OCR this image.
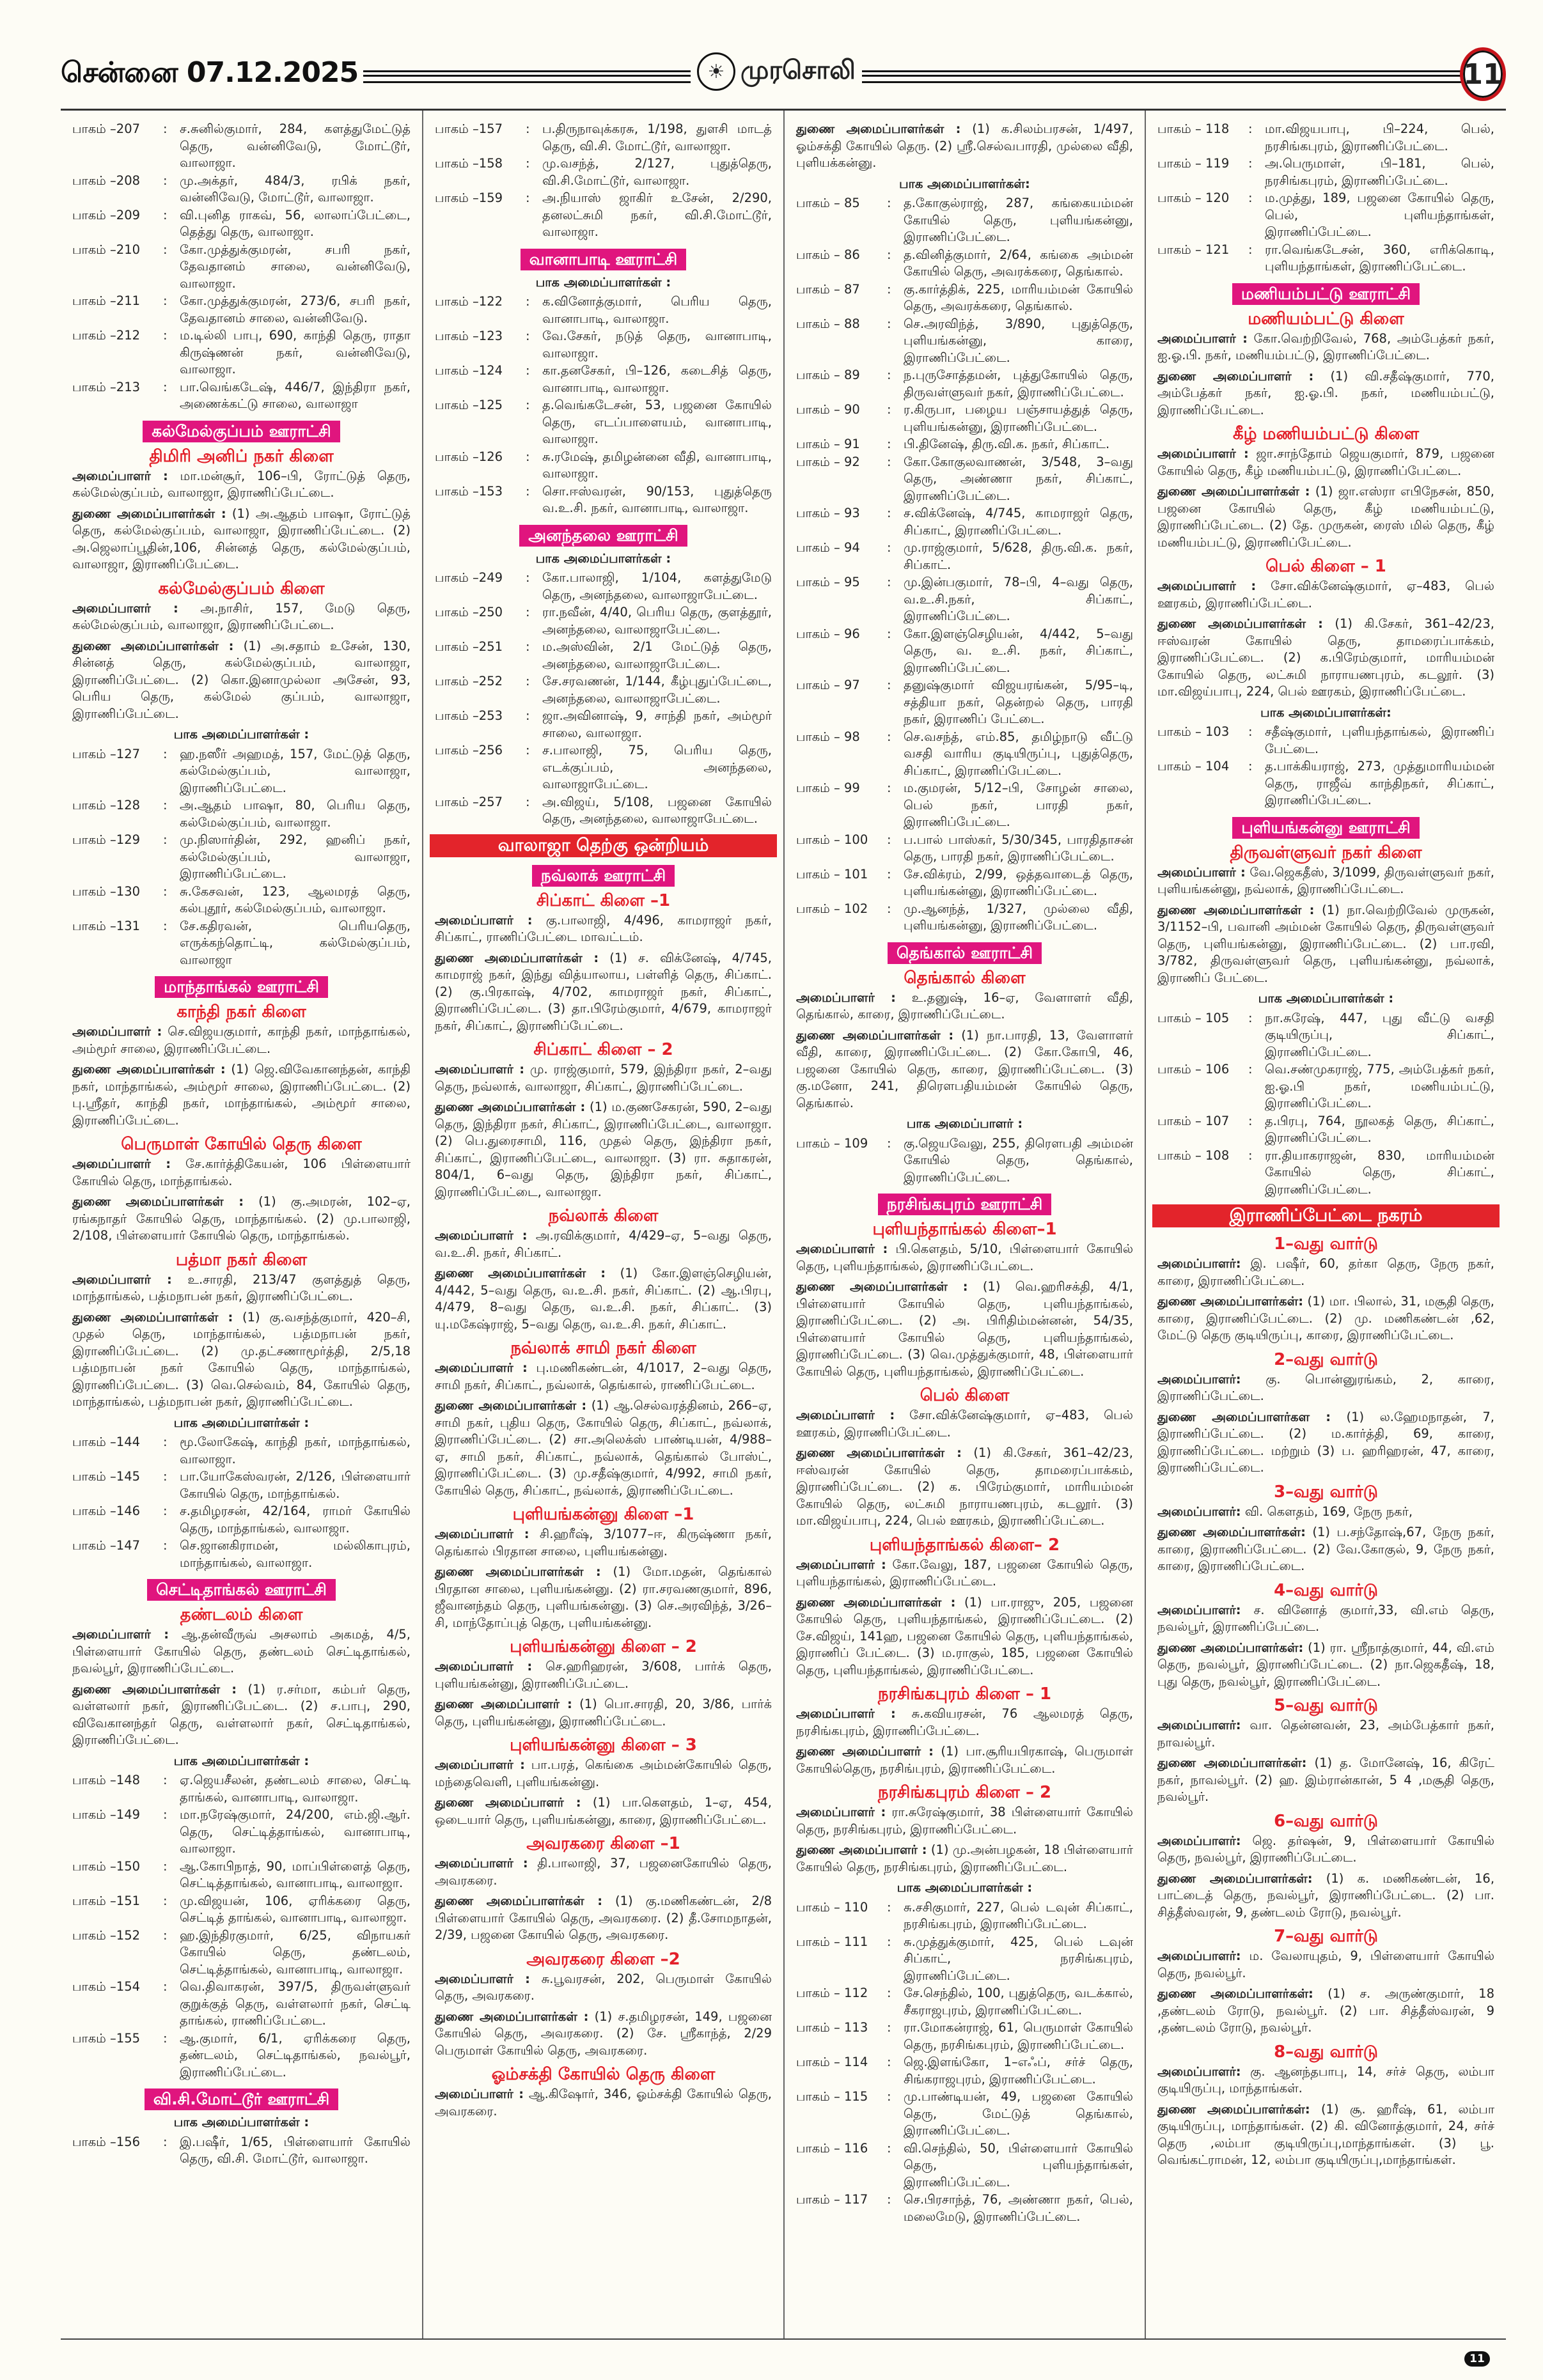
சென்னை 07.12.2025	☀ முரசொலி	11
பாகம் –207	: ச.சுனில்குமார், 284, களத்துமேட்டுத் தெரு, வன்னிவேடு, மோட்டூர், வாலாஜா.
பாகம் –208	: மு.அக்தர், 484/3, ரபிக் நகர், வன்னிவேடு, மோட்டூர், வாலாஜா.
பாகம் –209	: வி.புனித ராகவ், 56, லாலாப்பேட்டை, தெத்து தெரு, வாலாஜா.
பாகம் –210	: கோ.முத்துக்குமரன், சபரி நகர், தேவதானம் சாலை, வன்னிவேடு, வாலாஜா.
பாகம் –211	: கோ.முத்துக்குமரன், 273/6, சபரி நகர், தேவதானம் சாலை, வன்னிவேடு.
பாகம் –212	: ம.டில்லி பாபு, 690, காந்தி தெரு, ராதா கிருஷ்ணன் நகர், வன்னிவேடு, வாலாஜா.
பாகம் –213	: பா.வெங்கடேஷ், 446/7, இந்திரா நகர், அணைக்கட்டு சாலை, வாலாஜா
கல்மேல்குப்பம் ஊராட்சி
திமிரி அனிப் நகர் கிளை
அமைப்பாளர் : மா.மன்சூர், 106–பி, ரோட்டுத் தெரு, கல்மேல்குப்பம், வாலாஜா, இராணிப்பேட்டை.
துணை அமைப்பாளர்கள் : (1) அ.ஆதம் பாஷா, ரோட்டுத் தெரு, கல்மேல்குப்பம், வாலாஜா, இராணிப்பேட்டை. (2) அ.ஜெலாப்பூதின்,106, சின்னத் தெரு, கல்மேல்குப்பம், வாலாஜா, இராணிப்பேட்டை.
கல்மேல்குப்பம் கிளை
அமைப்பாளர் : அ.நாசிர், 157, மேடு தெரு, கல்மேல்குப்பம், வாலாஜா, இராணிப்பேட்டை.
துணை அமைப்பாளர்கள் : (1) அ.சதாம் உசேன், 130, சின்னத் தெரு, கல்மேல்குப்பம், வாலாஜா, இராணிப்பேட்டை. (2) கொ.இனாமுல்லா அசேன், 93, பெரிய தெரு, கல்மேல் குப்பம், வாலாஜா, இராணிப்பேட்டை.
பாக அமைப்பாளர்கள் :
பாகம் –127	: ஹ.நஸீர் அஹமத், 157, மேட்டுத் தெரு, கல்மேல்குப்பம், வாலாஜா, இராணிப்பேட்டை.
பாகம் –128	: அ.ஆதம் பாஷா, 80, பெரிய தெரு, கல்மேல்குப்பம், வாலாஜா.
பாகம் –129	: மு.நிஸார்தின், 292, ஹனிப் நகர், கல்மேல்குப்பம், வாலாஜா, இராணிப்பேட்டை.
பாகம் –130	: சு.கேசவன், 123, ஆலமரத் தெரு, கல்புதூர், கல்மேல்குப்பம், வாலாஜா.
பாகம் –131	: சே.கதிரவன், பெரியதெரு, எருக்கந்தொட்டி, கல்மேல்குப்பம், வாலாஜா
மாந்தாங்கல் ஊராட்சி
காந்தி நகர் கிளை
அமைப்பாளர் : செ.விஜயகுமார், காந்தி நகர், மாந்தாங்கல், அம்மூர் சாலை, இராணிப்பேட்டை.
துணை அமைப்பாளர்கள் : (1) ஜெ.விவேகானந்தன், காந்தி நகர், மாந்தாங்கல், அம்மூர் சாலை, இராணிப்பேட்டை. (2) பு.ஸ்ரீதர், காந்தி நகர், மாந்தாங்கல், அம்மூர் சாலை, இராணிப்பேட்டை.
பெருமாள் கோயில் தெரு கிளை
அமைப்பாளர் : சே.கார்த்திகேயன், 106 பிள்ளையார் கோயில் தெரு, மாந்தாங்கல்.
துணை அமைப்பாளர்கள் : (1) கு.அமரன், 102–ஏ, ரங்கநாதர் கோயில் தெரு, மாந்தாங்கல். (2) மு.பாலாஜி, 2/108, பிள்ளையார் கோயில் தெரு, மாந்தாங்கல்.
பத்மா நகர் கிளை
அமைப்பாளர் : உ.சாரதி, 213/47 குளத்துத் தெரு, மாந்தாங்கல், பத்மநாபன் நகர், இராணிப்பேட்டை.
துணை அமைப்பாளர்கள் : (1) கு.வசந்த்குமார், 420–சி, முதல் தெரு, மாந்தாங்கல், பத்மநாபன் நகர், இராணிப்பேட்டை. (2) மு.தட்சணாமூர்த்தி, 2/5,18 பத்மநாபன் நகர் கோயில் தெரு, மாந்தாங்கல், இராணிப்பேட்டை. (3) வெ.செல்வம், 84, கோயில் தெரு, மாந்தாங்கல், பத்மநாபன் நகர், இராணிப்பேட்டை.
பாக அமைப்பாளர்கள் :
பாகம் –144	: மூ.லோகேஷ், காந்தி நகர், மாந்தாங்கல், வாலாஜா.
பாகம் –145	: பா.யோகேஸ்வரன், 2/126, பிள்ளையார் கோயில் தெரு, மாந்தாங்கல்.
பாகம் –146	: ச.தமிழரசன், 42/164, ராமர் கோயில் தெரு, மாந்தாங்கல், வாலாஜா.
பாகம் –147	: செ.ஜானகிராமன், மல்லிகாபுரம், மாந்தாங்கல், வாலாஜா.
செட்டிதாங்கல் ஊராட்சி
தண்டலம் கிளை
அமைப்பாளர் : ஆ.தன்வீருவ் அசலாம் அகமத், 4/5, பிள்ளையார் கோயில் தெரு, தண்டலம் செட்டிதாங்கல், நவல்பூர், இராணிப்பேட்டை.
துணை அமைப்பாளர்கள் : (1) ர.சர்மா, கம்பர் தெரு, வள்ளலார் நகர், இராணிப்பேட்டை. (2) ச.பாபு, 290, விவேகானந்தர் தெரு, வள்ளலார் நகர், செட்டிதாங்கல், இராணிப்பேட்டை.
பாக அமைப்பாளர்கள் :
பாகம் –148	: ஏ.ஜெயசீலன், தண்டலம் சாலை, செட்டி தாங்கல், வானாபாடி, வாலாஜா.
பாகம் –149	: மா.நரேஷ்குமார், 24/200, எம்.ஜி.ஆர். தெரு, செட்டித்தாங்கல், வானாபாடி, வாலாஜா.
பாகம் –150	: ஆ.கோபிநாத், 90, மாப்பிள்ளைத் தெரு, செட்டித்தாங்கல், வானாபாடி, வாலாஜா.
பாகம் –151	: மு.விஜயன், 106, ஏரிக்கரை தெரு, செட்டித் தாங்கல், வானாபாடி, வாலாஜா.
பாகம் –152	: ஹ.இந்திரகுமார், 6/25, விநாயகர் கோயில் தெரு, தண்டலம், செட்டித்தாங்கல், வானாபாடி, வாலாஜா.
பாகம் –154	: வெ.திவாகரன், 397/5, திருவள்ளுவர் குறுக்குத் தெரு, வள்ளலார் நகர், செட்டி தாங்கல், ராணிப்பேட்டை.
பாகம் –155	: ஆ.குமார், 6/1, ஏரிக்கரை தெரு, தண்டலம், செட்டிதாங்கல், நவல்பூர், இராணிப்பேட்டை.
வி.சி.மோட்டூர் ஊராட்சி
பாக அமைப்பாளர்கள் :
பாகம் –156	: இ.பஷீர், 1/65, பிள்ளையார் கோயில் தெரு, வி.சி. மோட்டூர், வாலாஜா.
பாகம் –157	: ப.திருநாவுக்கரசு, 1/198, துளசி மாடத் தெரு, வி.சி. மோட்டூர், வாலாஜா.
பாகம் –158	: மு.வசந்த், 2/127, புதுத்தெரு, வி.சி.மோட்டூர், வாலாஜா.
பாகம் –159	: அ.நியாஸ் ஜாகிர் உசேன், 2/290, தனலட்சுமி நகர், வி.சி.மோட்டூர், வாலாஜா.
வானாபாடி ஊராட்சி
பாக அமைப்பாளர்கள் :
பாகம் –122	: க.வினோத்குமார், பெரிய தெரு, வானாபாடி, வாலாஜா.
பாகம் –123	: வே.சேகர், நடுத் தெரு, வானாபாடி, வாலாஜா.
பாகம் –124	: கா.தனசேகர், பி–126, கடைசித் தெரு, வானாபாடி, வாலாஜா.
பாகம் –125	: த.வெங்கடேசன், 53, பஜனை கோயில் தெரு, எடப்பாளையம், வானாபாடி, வாலாஜா.
பாகம் –126	: சு.ரமேஷ், தமிழன்னை வீதி, வானாபாடி, வாலாஜா.
பாகம் –153	: சொ.ஈஸ்வரன், 90/153, புதுத்தெரு வ.உ.சி. நகர், வானாபாடி, வாலாஜா.
அனந்தலை ஊராட்சி
பாக அமைப்பாளர்கள் :
பாகம் –249	: கோ.பாலாஜி, 1/104, களத்துமேடு தெரு, அனந்தலை, வாலாஜாபேட்டை.
பாகம் –250	: ரா.நவீன், 4/40, பெரிய தெரு, குளத்தூர், அனந்தலை, வாலாஜாபேட்டை.
பாகம் –251	: ம.அஸ்வின், 2/1 மேட்டுத் தெரு, அனந்தலை, வாலாஜாபேட்டை.
பாகம் –252	: சே.சரவணன், 1/144, கீழ்புதுப்பேட்டை, அனந்தலை, வாலாஜாபேட்டை.
பாகம் –253	: ஜா.அவினாஷ், 9, சாந்தி நகர், அம்மூர் சாலை, வாலாஜா.
பாகம் –256	: ச.பாலாஜி, 75, பெரிய தெரு, எடக்குப்பம், அனந்தலை, வாலாஜாபேட்டை.
பாகம் –257	: அ.விஜய், 5/108, பஜனை கோயில் தெரு, அனந்தலை, வாலாஜாபேட்டை.
வாலாஜா தெற்கு ஒன்றியம்
நவ்லாக் ஊராட்சி
சிப்காட் கிளை –1
அமைப்பாளர் : கு.பாலாஜி, 4/496, காமராஜர் நகர், சிப்காட், ராணிப்பேட்டை மாவட்டம்.
துணை அமைப்பாளர்கள் : (1) ச. விக்னேஷ், 4/745, காமராஜ் நகர், இந்து வித்யாலாய, பள்ளித் தெரு, சிப்காட். (2) கு.பிரகாஷ், 4/702, காமராஜர் நகர், சிப்காட், இராணிப்பேட்டை. (3) தா.பிரேம்குமார், 4/679, காமராஜர் நகர், சிப்காட், இராணிப்பேட்டை.
சிப்காட் கிளை – 2
அமைப்பாளர் : மு. ராஜ்குமார், 579, இந்திரா நகர், 2–வது தெரு, நவ்லாக், வாலாஜா, சிப்காட், இராணிப்பேட்டை.
துணை அமைப்பாளர்கள் : (1) ம.குணசேகரன், 590, 2–வது தெரு, இந்திரா நகர், சிப்காட், இராணிப்பேட்டை, வாலாஜா. (2) பெ.துரைசாமி, 116, முதல் தெரு, இந்திரா நகர், சிப்காட், இராணிப்பேட்டை, வாலாஜா. (3) ரா. சுதாகரன், 804/1, 6–வது தெரு, இந்திரா நகர், சிப்காட், இராணிப்பேட்டை, வாலாஜா.
நவ்லாக் கிளை
அமைப்பாளர் : அ.ரவிக்குமார், 4/429–ஏ, 5–வது தெரு, வ.உ.சி. நகர், சிப்காட்.
துணை அமைப்பாளர்கள் : (1) கோ.இளஞ்செழியன், 4/442, 5–வது தெரு, வ.உ.சி. நகர், சிப்காட். (2) ஆ.பிரபு, 4/479, 8–வது தெரு, வ.உ.சி. நகர், சிப்காட். (3) யு.மகேஷ்ராஜ், 5–வது தெரு, வ.உ.சி. நகர், சிப்காட்.
நவ்லாக் சாமி நகர் கிளை
அமைப்பாளர் : பு.மணிகண்டன், 4/1017, 2–வது தெரு, சாமி நகர், சிப்காட், நவ்லாக், தெங்கால், ராணிப்பேட்டை.
துணை அமைப்பாளர்கள் : (1) ஆ.செல்வரத்தினம், 266–ஏ, சாமி நகர், புதிய தெரு, கோயில் தெரு, சிப்காட், நவ்லாக், இராணிப்பேட்டை. (2) சா.அலெக்ஸ் பாண்டியன், 4/988–ஏ, சாமி நகர், சிப்காட், நவ்லாக், தெங்கால் போஸ்ட், இராணிப்பேட்டை. (3) மு.சதீஷ்குமார், 4/992, சாமி நகர், கோயில் தெரு, சிப்காட், நவ்லாக், இராணிப்பேட்டை.
புளியங்கன்னு கிளை –1
அமைப்பாளர் : சி.ஹரீஷ், 3/1077–ஈ, கிருஷ்ணா நகர், தெங்கால் பிரதான சாலை, புளியங்கன்னு.
துணை அமைப்பாளர்கள் : (1) மோ.மதன், தெங்கால் பிரதான சாலை, புளியங்கன்னு. (2) ரா.சரவணகுமார், 896, ஜீவானந்தம் தெரு, புளியங்கன்னு. (3) செ.அரவிந்த், 3/26–சி, மாந்தோப்புத் தெரு, புளியங்கன்னு.
புளியங்கன்னு கிளை – 2
அமைப்பாளர் : செ.ஹரிஹரன், 3/608, பார்க் தெரு, புளியங்கன்னு, இராணிப்பேட்டை.
துணை அமைப்பாளர் : (1) பொ.சாரதி, 20, 3/86, பார்க் தெரு, புளியங்கன்னு, இராணிப்பேட்டை.
புளியங்கன்னு கிளை – 3
அமைப்பாளர் : பா.பரத், கெங்கை அம்மன்கோயில் தெரு, மந்தைவெளி, புளியங்கன்னு.
துணை அமைப்பாளர் : (1) பா.கௌதம், 1–ஏ, 454, ஒடையார் தெரு, புளியங்கன்னு, காரை, இராணிப்பேட்டை.
அவரகரை கிளை –1
அமைப்பாளர் : தி.பாலாஜி, 37, பஜனைகோயில் தெரு, அவரகரை.
துணை அமைப்பாளர்கள் : (1) கு.மணிகண்டன், 2/8 பிள்ளையார் கோயில் தெரு, அவரகரை. (2) தீ.சோமநாதன், 2/39, பஜனை கோயில் தெரு, அவரகரை.
அவரகரை கிளை –2
அமைப்பாளர் : சு.பூவரசன், 202, பெருமாள் கோயில் தெரு, அவரகரை.
துணை அமைப்பாளர்கள் : (1) ச.தமிழரசன், 149, பஜனை கோயில் தெரு, அவரகரை. (2) சே. ஸ்ரீகாந்த், 2/29 பெருமாள் கோயில் தெரு, அவரகரை.
ஓம்சக்தி கோயில் தெரு கிளை
அமைப்பாளர் : ஆ.கிஷோர், 346, ஓம்சக்தி கோயில் தெரு, அவரகரை.
துணை அமைப்பாளர்கள் : (1) க.சிலம்பரசன், 1/497, ஓம்சக்தி கோயில் தெரு. (2) ஸ்ரீ.செல்வபாரதி, முல்லை வீதி, புளியக்கன்னு.
பாக அமைப்பாளர்கள்:
பாகம் – 85	: த.கோகுல்ராஜ், 287, கங்கையம்மன் கோயில் தெரு, புளியங்கன்னு, இராணிப்பேட்டை.
பாகம் – 86	: த.வினித்குமார், 2/64, கங்கை அம்மன் கோயில் தெரு, அவரக்கரை, தெங்கால்.
பாகம் – 87	: கு.கார்த்திக், 225, மாரியம்மன் கோயில் தெரு, அவரக்கரை, தெங்கால்.
பாகம் – 88	: செ.அரவிந்த், 3/890, புதுத்தெரு, புளியங்கன்னு, காரை, இராணிப்பேட்டை.
பாகம் – 89	: ந.புருசோத்தமன், புத்துகோயில் தெரு, திருவள்ளுவர் நகர், இராணிப்பேட்டை.
பாகம் – 90	: ர.கிருபா, பழைய பஞ்சாயத்துத் தெரு, புளியங்கன்னு, இராணிப்பேட்டை.
பாகம் – 91	: பி.தினேஷ், திரு.வி.க. நகர், சிப்காட்.
பாகம் – 92	: கோ.கோகுலவாணன், 3/548, 3–வது தெரு, அண்ணா நகர், சிப்காட், இராணிப்பேட்டை.
பாகம் – 93	: ச.விக்னேஷ், 4/745, காமராஜர் தெரு, சிப்காட், இராணிப்பேட்டை.
பாகம் – 94	: மு.ராஜ்குமார், 5/628, திரு.வி.க. நகர், சிப்காட்.
பாகம் – 95	: மு.இன்பகுமார், 78–பி, 4–வது தெரு, வ.உ.சி.நகர், சிப்காட், இராணிப்பேட்டை.
பாகம் – 96	: கோ.இளஞ்செழியன், 4/442, 5–வது தெரு, வ. உ.சி. நகர், சிப்காட், இராணிப்பேட்டை.
பாகம் – 97	: தனுஷ்குமார் விஜயரங்கன், 5/95–டி, சத்தியா நகர், தென்றல் தெரு, பாரதி நகர், இராணிப் பேட்டை.
பாகம் – 98	: செ.வசந்த், எம்.85, தமிழ்நாடு வீட்டு வசதி வாரிய குடியிருப்பு, புதுத்தெரு, சிப்காட், இராணிப்பேட்டை.
பாகம் – 99	: ம.குமரன், 5/12–பி, சோழன் சாலை, பெல் நகர், பாரதி நகர், இராணிப்பேட்டை.
பாகம் – 100	: ப.பால் பாஸ்கர், 5/30/345, பாரதிதாசன் தெரு, பாரதி நகர், இராணிப்பேட்டை.
பாகம் – 101	: சே.விக்ரம், 2/99, ஒத்தவாடைத் தெரு, புளியங்கன்னு, இராணிப்பேட்டை.
பாகம் – 102	: மு.ஆனந்த், 1/327, முல்லை வீதி, புளியங்கன்னு, இராணிப்பேட்டை.
தெங்கால் ஊராட்சி
தெங்கால் கிளை
அமைப்பாளர் : உ.தனுஷ், 16–ஏ, வேளாளர் வீதி, தெங்கால், காரை, இராணிப்பேட்டை.
துணை அமைப்பாளர்கள் : (1) நா.பாரதி, 13, வேளாளர் வீதி, காரை, இராணிப்பேட்டை. (2) கோ.கோபி, 46, பஜனை கோயில் தெரு, காரை, இராணிப்பேட்டை. (3) கு.மனோ, 241, திரௌபதியம்மன் கோயில் தெரு, தெங்கால்.
பாக அமைப்பாளர் :
பாகம் – 109	: கு.ஜெயவேலு, 255, திரௌபதி அம்மன் கோயில் தெரு, தெங்கால், இராணிப்பேட்டை.
நரசிங்கபுரம் ஊராட்சி
புளியந்தாங்கல் கிளை–1
அமைப்பாளர் : பி.கௌதம், 5/10, பிள்ளையார் கோயில் தெரு, புளியந்தாங்கல், இராணிப்பேட்டை.
துணை அமைப்பாளர்கள் : (1) வெ.ஹரிசக்தி, 4/1, பிள்ளையார் கோயில் தெரு, புளியந்தாங்கல், இராணிப்பேட்டை. (2) அ. பிரிதிம்மன்னன், 54/35, பிள்ளையார் கோயில் தெரு, புளியந்தாங்கல், இராணிப்பேட்டை. (3) வெ.முத்துக்குமார், 48, பிள்ளையார் கோயில் தெரு, புளியந்தாங்கல், இராணிப்பேட்டை.
பெல் கிளை
அமைப்பாளர் : சோ.விக்னேஷ்குமார், ஏ–483, பெல் ஊரகம், இராணிப்பேட்டை.
துணை அமைப்பாளர்கள் : (1) கி.சேகர், 361–42/23, ஈஸ்வரன் கோயில் தெரு, தாமரைப்பாக்கம், இராணிப்பேட்டை. (2) க. பிரேம்குமார், மாரியம்மன் கோயில் தெரு, லட்சுமி நாராயணபுரம், கடலூர். (3) மா.விஜய்பாபு, 224, பெல் ஊரகம், இராணிப்பேட்டை.
புளியந்தாங்கல் கிளை– 2
அமைப்பாளர் : கோ.வேலு, 187, பஜனை கோயில் தெரு, புளியந்தாங்கல், இராணிப்பேட்டை.
துணை அமைப்பாளர்கள் : (1) பா.ராஜு, 205, பஜனை கோயில் தெரு, புளியந்தாங்கல், இராணிப்பேட்டை. (2) சே.விஜய், 141ஹ, பஜனை கோயில் தெரு, புளியந்தாங்கல், இராணிப் பேட்டை. (3) ம.ராகுல், 185, பஜனை கோயில் தெரு, புளியந்தாங்கல், இராணிப்பேட்டை.
நரசிங்கபுரம் கிளை – 1
அமைப்பாளர் : சு.கவியரசன், 76 ஆலமரத் தெரு, நரசிங்கபுரம், இராணிப்பேட்டை.
துணை அமைப்பாளர் : (1) பா.சூரியபிரகாஷ், பெருமாள் கோயில்தெரு, நரசிங்புரம், இராணிப்பேட்டை.
நரசிங்கபுரம் கிளை – 2
அமைப்பாளர் : ரா.சுரேஷ்குமார், 38 பிள்ளையார் கோயில் தெரு, நரசிங்கபுரம், இராணிப்பேட்டை.
துணை அமைப்பாளர் : (1) மு.அன்பழகன், 18 பிள்ளையார் கோயில் தெரு, நரசிங்கபுரம், இராணிப்பேட்டை.
பாக அமைப்பாளர்கள் :
பாகம் – 110	: சு.சசிகுமார், 227, பெல் டவுன் சிப்காட், நரசிங்கபுரம், இராணிப்பேட்டை.
பாகம் – 111	: சு.முத்துக்குமார், 425, பெல் டவுன் சிப்காட், நரசிங்கபுரம், இராணிப்பேட்டை.
பாகம் – 112	: சே.செந்தில், 100, புதுத்தெரு, வடக்கால், சீகராஜபுரம், இராணிப்பேட்டை.
பாகம் – 113	: ரா.மோகன்ராஜ், 61, பெருமாள் கோயில் தெரு, நரசிங்கபுரம், இராணிப்பேட்டை.
பாகம் – 114	: ஜெ.இளங்கோ, 1–எஃப், சர்ச் தெரு, சிங்கராஜபுரம், இராணிப்பேட்டை.
பாகம் – 115	: மு.பாண்டியன், 49, பஜனை கோயில் தெரு, மேட்டுத் தெங்கால், இராணிப்பேட்டை.
பாகம் – 116	: வி.செந்தில், 50, பிள்ளையார் கோயில் தெரு, புளியந்தாங்கள், இராணிப்பேட்டை.
பாகம் – 117	: செ.பிரசாந்த், 76, அண்ணா நகர், பெல், மலைமேடு, இராணிப்பேட்டை.
பாகம் – 118	: மா.விஜயபாபு, பி–224, பெல், நரசிங்கபுரம், இராணிப்பேட்டை.
பாகம் – 119	: அ.பெருமாள், பி–181, பெல், நரசிங்கபுரம், இராணிப்பேட்டை.
பாகம் – 120	: ம.முத்து, 189, பஜனை கோயில் தெரு, பெல், புளியந்தாங்கள், இராணிப்பேட்டை.
பாகம் – 121	: ரா.வெங்கடேசன், 360, எரிக்கொடி, புளியந்தாங்கள், இராணிப்பேட்டை.
மணியம்பட்டு ஊராட்சி
மணியம்பட்டு கிளை
அமைப்பாளர் : கோ.வெற்றிவேல், 768, அம்பேத்கர் நகர், ஐ.ஓ.பி. நகர், மணியம்பட்டு, இராணிப்பேட்டை.
துணை அமைப்பாளர் : (1) வி.சதீஷ்குமார், 770, அம்பேத்கர் நகர், ஐ.ஓ.பி. நகர், மணியம்பட்டு, இராணிப்பேட்டை.
கீழ் மணியம்பட்டு கிளை
அமைப்பாளர் : ஜா.சாந்தோம் ஜெயகுமார், 879, பஜனை கோயில் தெரு, கீழ் மணியம்பட்டு, இராணிப்பேட்டை.
துணை அமைப்பாளர்கள் : (1) ஜா.எஸ்ரா எபிநேசன், 850, பஜனை கோயில் தெரு, கீழ் மணியம்பட்டு, இராணிப்பேட்டை. (2) தே. முருகன், ரைஸ் மில் தெரு, கீழ் மணியம்பட்டு, இராணிப்பேட்டை.
பெல் கிளை – 1
அமைப்பாளர் : சோ.விக்னேஷ்குமார், ஏ–483, பெல் ஊரகம், இராணிப்பேட்டை.
துணை அமைப்பாளர்கள் : (1) கி.சேகர், 361–42/23, ஈஸ்வரன் கோயில் தெரு, தாமரைப்பாக்கம், இராணிப்பேட்டை. (2) க.பிரேம்குமார், மாரியம்மன் கோயில் தெரு, லட்சுமி நாராயணபுரம், கடலூர். (3) மா.விஜய்பாபு, 224, பெல் ஊரகம், இராணிப்பேட்டை.
பாக அமைப்பாளர்கள்:
பாகம் – 103	: சதீஷ்குமார், புளியந்தாங்கல், இராணிப் பேட்டை.
பாகம் – 104	: த.பாக்கியராஜ், 273, முத்துமாரியம்மன் தெரு, ராஜீவ் காந்திநகர், சிப்காட், இராணிப்பேட்டை.
புளியங்கன்னு ஊராட்சி
திருவள்ளுவர் நகர் கிளை
அமைப்பாளர் : வே.ஜெகதீஸ், 3/1099, திருவள்ளுவர் நகர், புளியங்கன்னு, நவ்லாக், இராணிப்பேட்டை.
துணை அமைப்பாளர்கள் : (1) நா.வெற்றிவேல் முருகன், 3/1152–பி, பவானி அம்மன் கோயில் தெரு, திருவள்ளுவர் தெரு, புளியங்கன்னு, இராணிப்பேட்டை. (2) பா.ரவி, 3/782, திருவள்ளுவர் தெரு, புளியங்கன்னு, நவ்லாக், இராணிப் பேட்டை.
பாக அமைப்பாளர்கள் :
பாகம் – 105	: நா.சுரேஷ், 447, புது வீட்டு வசதி குடியிருப்பு, சிப்காட், இராணிப்பேட்டை.
பாகம் – 106	: வெ.சண்முகராஜ், 775, அம்பேத்கர் நகர், ஐ.ஓ.பி நகர், மணியம்பட்டு, இராணிப்பேட்டை.
பாகம் – 107	: த.பிரபு, 764, நூலகத் தெரு, சிப்காட், இராணிப்பேட்டை.
பாகம் – 108	: ரா.தியாகராஜன், 830, மாரியம்மன் கோயில் தெரு, சிப்காட், இராணிப்பேட்டை.
இராணிப்பேட்டை நகரம்
1–வது வார்டு
அமைப்பாளர்: இ. பஷீர், 60, தர்கா தெரு, நேரு நகர், காரை, இராணிப்பேட்டை.
துணை அமைப்பாளர்கள்: (1) மா. பிலால், 31, மசூதி தெரு, காரை, இராணிப்பேட்டை. (2) மு. மணிகண்டன் ,62, மேட்டு தெரு குடியிருப்பு, காரை, இராணிப்பேட்டை.
2–வது வார்டு
அமைப்பாளர்: கு. பொன்னுரங்கம், 2, காரை, இராணிப்பேட்டை.
துணை அமைப்பாளர்கள : (1) ல.ஹேமநாதன், 7, இராணிப்பேட்டை. (2) ம.கார்த்தி, 69, காரை, இராணிப்பேட்டை. மற்றும் (3) ப. ஹரிஹரன், 47, காரை, இராணிப்பேட்டை.
3–வது வார்டு
அமைப்பாளர்: வி. கௌதம், 169, நேரு நகர்,
துணை அமைப்பாளர்கள்: (1) ப.சந்தோஷ்,67, நேரு நகர், காரை, இராணிப்பேட்டை. (2) வே.கோகுல், 9, நேரு நகர், காரை, இராணிப்பேட்டை.
4–வது வார்டு
அமைப்பாளர்: ச. வினோத் குமார்,33, வி.எம் தெரு, நவல்பூர், இராணிப்பேட்டை.
துணை அமைப்பாளர்கள்: (1) ரா. ஸ்ரீநாத்குமார், 44, வி.எம் தெரு, நவல்பூர், இராணிப்பேட்டை. (2) நா.ஜெகதீஷ், 18, புது தெரு, நவல்பூர், இராணிப்பேட்டை.
5–வது வார்டு
அமைப்பாளர்: வா. தென்னவன், 23, அம்பேத்கார் நகர், நாவல்பூர்.
துணை அமைப்பாளர்கள்: (1) த. மோனேஷ், 16, கிரேட் நகர், நாவல்பூர். (2) ஹ. இம்ரான்கான், 5 4 ,மசூதி தெரு, நவல்பூர்.
6–வது வார்டு
அமைப்பாளர்: ஜெ. தர்ஷன், 9, பிள்ளையார் கோயில் தெரு, நவல்பூர், இராணிப்பேட்டை.
துணை அமைப்பாளர்கள்: (1) க. மணிகண்டன், 16, பாட்டைத் தெரு, நவல்பூர், இராணிப்பேட்டை. (2) பா. சித்தீஸ்வரன், 9, தண்டலம் ரோடு, நவல்பூர்.
7–வது வார்டு
அமைப்பாளர்: ம. வேலாயுதம், 9, பிள்ளையார் கோயில் தெரு, நவல்பூர்.
துணை அமைப்பாளர்கள்: (1) ச. அருண்குமார், 18 ,தண்டலம் ரோடு, நவல்பூர். (2) பா. சித்தீஸ்வரன், 9 ,தண்டலம் ரோடு, நவல்பூர்.
8–வது வார்டு
அமைப்பாளர்: கு. ஆனந்தபாபு, 14, சர்ச் தெரு, லம்பா குடியிருப்பு, மாந்தாங்கள்.
துணை அமைப்பாளர்கள்: (1) சூ. ஹரீஷ், 61, லம்பா குடியிருப்பு, மாந்தாங்கள். (2) கி. வினோத்குமார், 24, சர்ச் தெரு ,லம்பா குடியிருப்பு,மாந்தாங்கள். (3) பூ. வெங்கட்ராமன், 12, லம்பா குடியிருப்பு,மாந்தாங்கள்.
11
